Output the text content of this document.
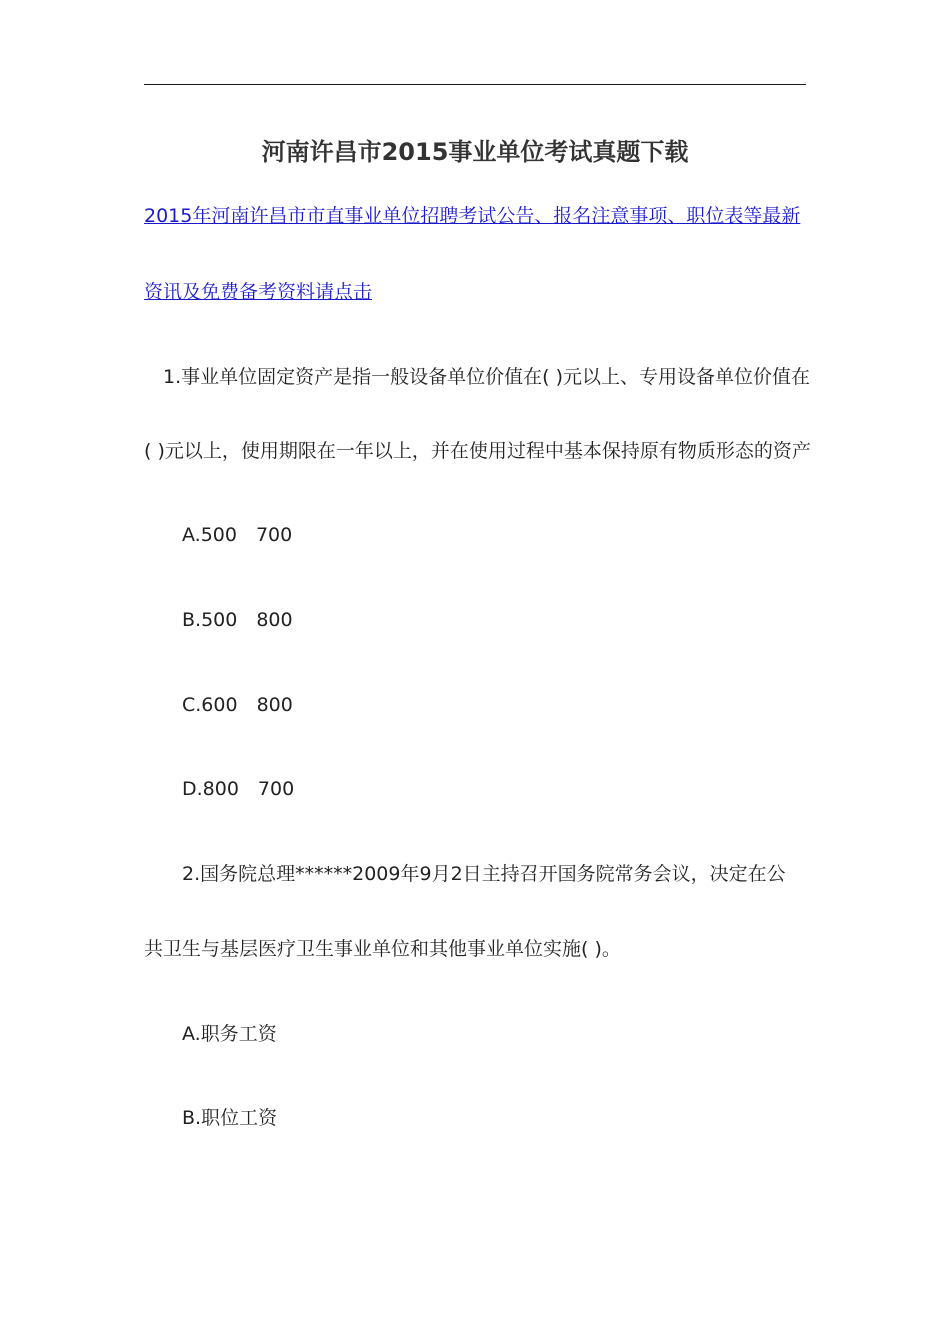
河南许昌市2015事业单位考试真题下载
2015年河南许昌市市直事业单位招聘考试公告、报名注意事项、职位表等最新
资讯及免费备考资料请点击
1.事业单位固定资产是指一般设备单位价值在( )元以上、专用设备单位价值在
( )元以上，使用期限在一年以上，并在使用过程中基本保持原有物质形态的资产
A.500　700
B.500　800
C.600　800
D.800　700
2.国务院总理******2009年9月2日主持召开国务院常务会议，决定在公
共卫生与基层医疗卫生事业单位和其他事业单位实施( )。
A.职务工资
B.职位工资
